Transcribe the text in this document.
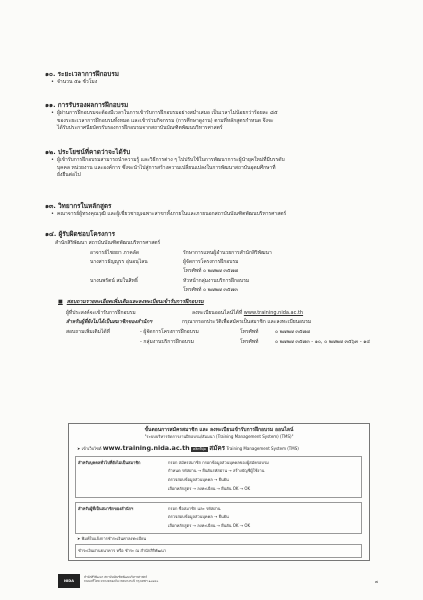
๑๐. ระยะเวลาการฝึกอบรม
• จำนวน ๕๑ ชั่วโมง
๑๑. การรับรองผลการฝึกอบรม
• ผู้ผ่านการฝึกอบรมจะต้องมีเวลาในการเข้ารับการฝึกอบรมอย่างสม่ำเสมอ เป็นเวลาไม่น้อยกว่าร้อยละ ๘๕
ของระยะเวลาการฝึกอบรมทั้งหมด และเข้าร่วมกิจกรรม (การศึกษาดูงาน) ตามที่หลักสูตรกำหนด จึงจะ
ได้รับประกาศนียบัตรรับรองการฝึกอบรมจากสถาบันบัณฑิตพัฒนบริหารศาสตร์
๑๒. ประโยชน์ที่คาดว่าจะได้รับ
• ผู้เข้ารับการฝึกอบรมสามารถนำความรู้ และวิธีการต่าง ๆ ไปปรับใช้ในการพัฒนาการะผู้นำยุคใหม่ที่มีบรรดับ
บุคคล หน่วยงาน และองค์การ ซึ่งจะนำไปสู่การสร้างความเปลี่ยนแปลงในการพัฒนาสถาบันอุดมศึกษาที่
ยั่งยืนต่อไป
๑๓. วิทยากรในหลักสูตร
• คณาจารย์ผู้ทรงคุณวุฒิ และผู้เชี่ยวชาญเฉพาะสาขาทั้งภายในและภายนอกสถาบันบัณฑิตพัฒนบริหารศาสตร์
๑๔. ผู้รับผิดชอบโครงการ
สำนักสิริพัฒนา สถาบันบัณฑิตพัฒนบริหารศาสตร์
อาจารย์ไชยยา ภาคลัด	รักษาการแทนผู้อำนวยการสำนักสิริพัฒนา
นางสาวธัญญูรร อุ่นอนุไลน	ผู้จัดการโครงการฝึกอบรม
โทรศัพท์ ๐ ๒๗๒๗ ๓๕๗๗
นางนพรัตน์ สมในสิทธิ์	หัวหน้ากลุ่มงานบริการฝึกอบรม
โทรศัพท์ ๐ ๒๗๒๗ ๓๕๗๓
■ สอบถามรายละเอียดเพิ่มเติมและลงทะเบียนเข้ารับการฝึกอบรม
ผู้ที่ประสงค์จะเข้ารับการฝึกอบรม	ลงทะเบียนออนไลน์ได้ที่ www.training.nida.ac.th
สำหรับผู้ที่ยังไม่ได้เป็นสมาชิกของสำนักฯ	กรุณากรอกประวัติเพื่อสมัครเป็นสมาชิก และลงทะเบียนอบรม
สอบถามเพิ่มเติมได้ที่	- ผู้จัดการโครงการฝึกอบรม	โทรศัพท์	๐ ๒๗๒๗ ๓๕๗๗
- กลุ่มงานบริการฝึกอบรม	โทรศัพท์	๐ ๒๗๒๗ ๓๕๗๓ - ๑๐, ๐ ๒๗๒๗ ๓๕๖๓ - ๑๔
ขั้นตอนการสมัครสมาชิก และ ลงทะเบียนเข้ารับการฝึกอบรม ออนไลน์
"ระบบบริหารจัดการงานฝึกอบรม/สัมมนา (Training Management System) (TMS)"
➤ เข้าเว็บไซต์ www.training.nida.ac.th คลิกที่ปุ่ม สมัคร Training Management System (TMS)
สำหรับบุคคลทั่วไปที่ยังไม่เป็นสมาชิก	กรอก สมัครสมาชิก กรอกข้อมูลส่วนบุคคลของผู้สมัครอบรม
กำหนด รหัสผ่าน → ยืนยันรหัสผ่าน → สร้างบัญชีผู้ใช้งาน
ตรวจสอบข้อมูลส่วนบุคคล → ยืนยัน
เลือกหลักสูตร → ลงทะเบียน → ยืนยัน OK → OK
สำหรับผู้ที่เป็นสมาชิกของสำนักฯ	กรอก ชื่อสมาชิก และ รหัสผ่าน
ตรวจสอบข้อมูลส่วนบุคคล → ยืนยัน
เลือกหลักสูตร → ลงทะเบียน → ยืนยัน OK → OK
➤ พิมพ์ใบแจ้งการชำระเงินค่าลงทะเบียน
ชำระเงินผ่านธนาคาร หรือ ชำระ ณ สำนักสิริพัฒนา
NIDA
สำนักสิริพัฒนา สถาบันบัณฑิตพัฒนบริหารศาสตร์
ถนนเสรีไทย แขวงคลองจั่น เขตบางกะปิ กรุงเทพฯ ๑๐๒๔๐	๗
